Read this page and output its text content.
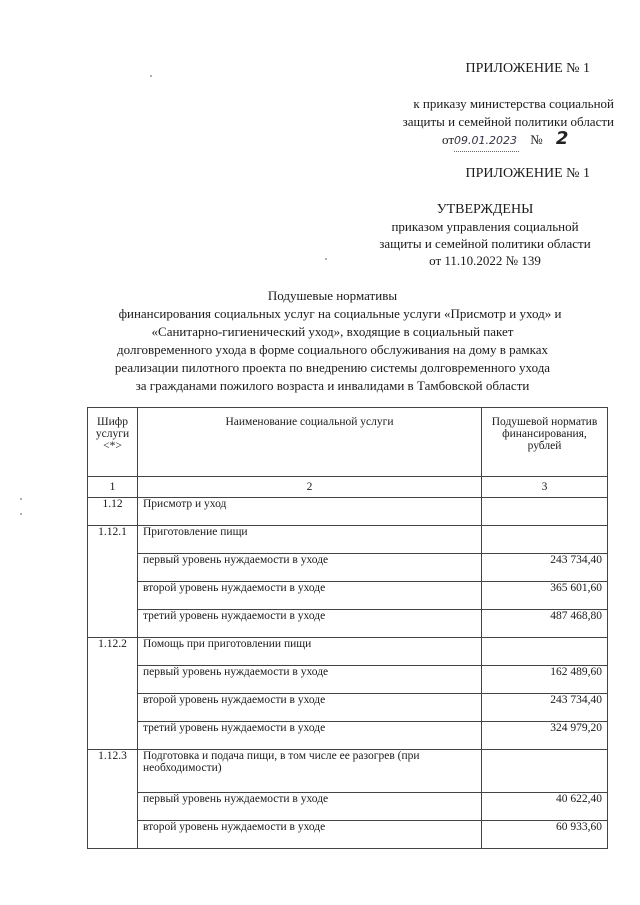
ПРИЛОЖЕНИЕ № 1
к приказу министерства социальной
защиты и семейной политики области
от09.01.2023 № 2
ПРИЛОЖЕНИЕ № 1
УТВЕРЖДЕНЫ
приказом управления социальной
защиты и семейной политики области
от 11.10.2022 № 139
Подушевые нормативы
финансирования социальных услуг на социальные услуги «Присмотр и уход» и
«Санитарно-гигиенический уход», входящие в социальный пакет
долговременного ухода в форме социального обслуживания на дому в рамках
реализации пилотного проекта по внедрению системы долговременного ухода
за гражданами пожилого возраста и инвалидами в Тамбовской области
Шифр услуги <*>	Наименование социальной услуги	Подушевой норматив финансирования, рублей
1	2	3
1.12	Присмотр и уход	
1.12.1	Приготовление пищи	
	первый уровень нуждаемости в уходе	243 734,40
	второй уровень нуждаемости в уходе	365 601,60
	третий уровень нуждаемости в уходе	487 468,80
1.12.2	Помощь при приготовлении пищи	
	первый уровень нуждаемости в уходе	162 489,60
	второй уровень нуждаемости в уходе	243 734,40
	третий уровень нуждаемости в уходе	324 979,20
1.12.3	Подготовка и подача пищи, в том числе ее разогрев (при необходимости)	
	первый уровень нуждаемости в уходе	40 622,40
	второй уровень нуждаемости в уходе	60 933,60
